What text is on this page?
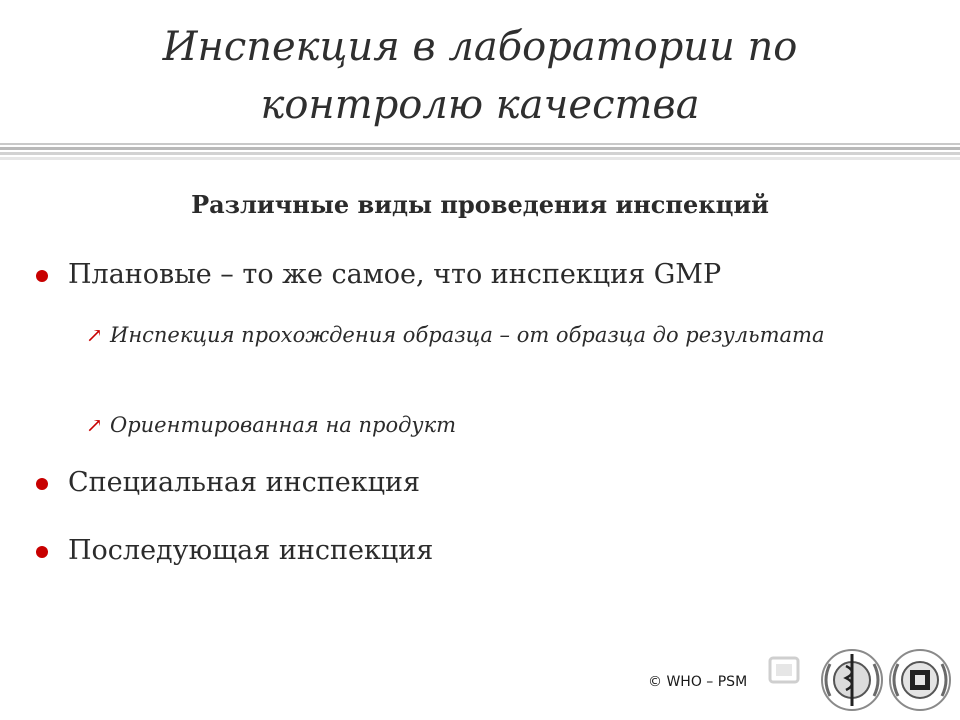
Инспекция в лаборатории по
контролю качества
Различные виды проведения инспекций
Плановые – то же самое, что инспекция GMP
↗ Инспекция прохождения образца – от образца до результата
↗ Ориентированная на продукт
Специальная инспекция
Последующая инспекция
© WHO – PSM
